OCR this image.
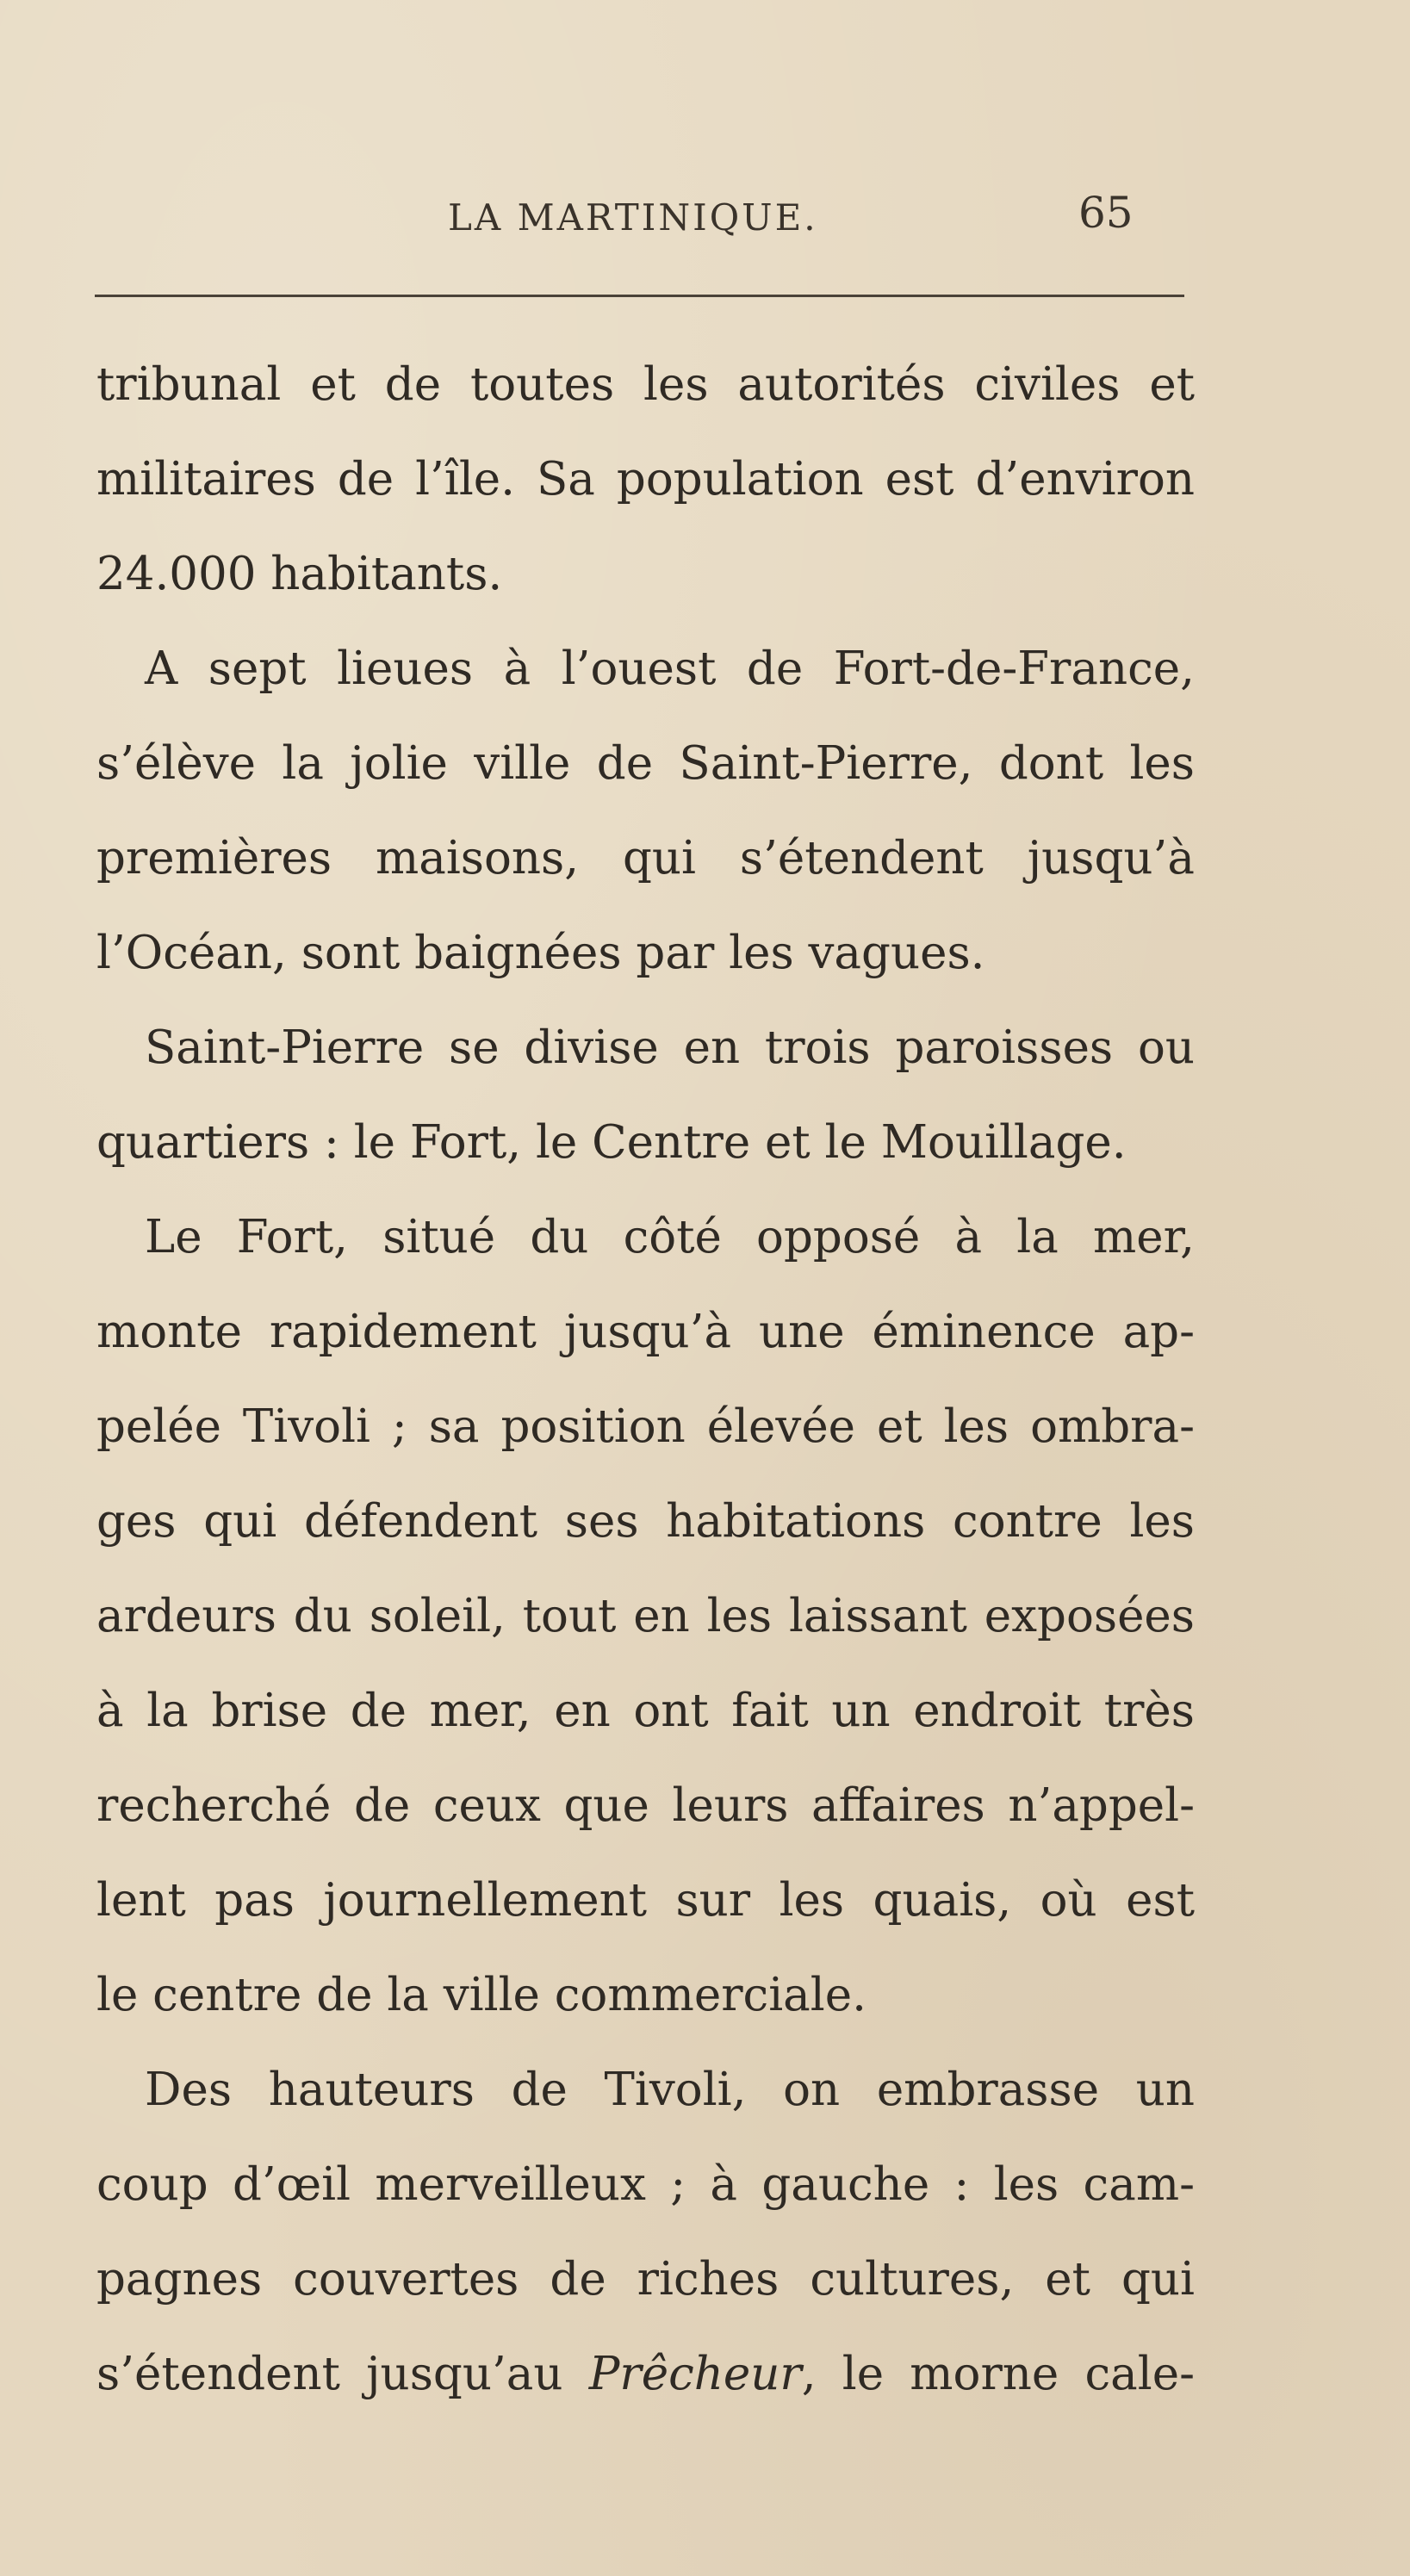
LA MARTINIQUE.	65
tribunal et de toutes les autorités civiles et
militaires de l’île. Sa population est d’environ
24.000 habitants.
A sept lieues à l’ouest de Fort-de-France,
s’élève la jolie ville de Saint-Pierre, dont les
premières maisons, qui s’étendent jusqu’à
l’Océan, sont baignées par les vagues.
Saint-Pierre se divise en trois paroisses ou
quartiers : le Fort, le Centre et le Mouillage.
Le Fort, situé du côté opposé à la mer,
monte rapidement jusqu’à une éminence ap-
pelée Tivoli ; sa position élevée et les ombra-
ges qui défendent ses habitations contre les
ardeurs du soleil, tout en les laissant exposées
à la brise de mer, en ont fait un endroit très
recherché de ceux que leurs affaires n’appel-
lent pas journellement sur les quais, où est
le centre de la ville commerciale.
Des hauteurs de Tivoli, on embrasse un
coup d’œil merveilleux ; à gauche : les cam-
pagnes couvertes de riches cultures, et qui
s’étendent jusqu’au Prêcheur, le morne cale-
